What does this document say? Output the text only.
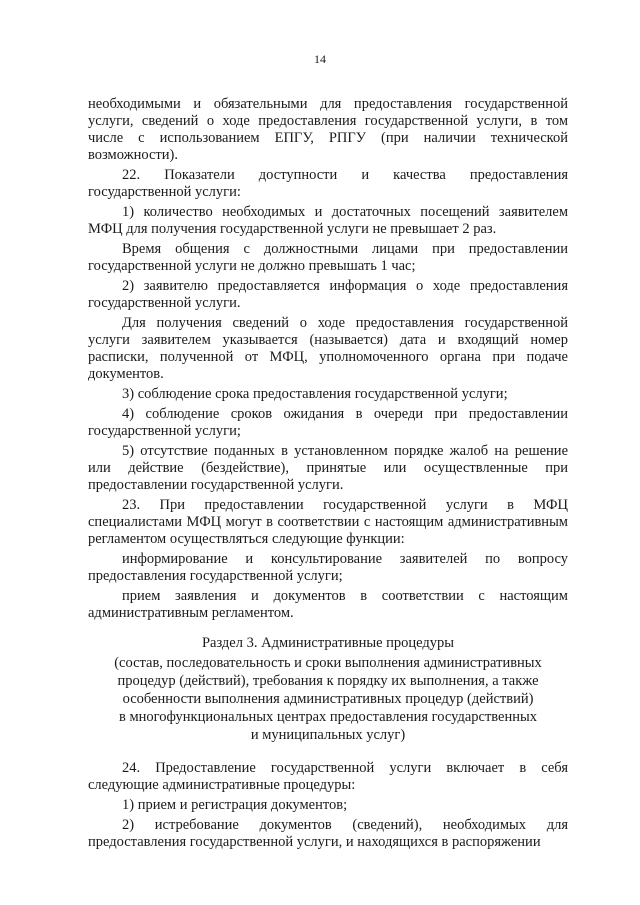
14

необходимыми и обязательными для предоставления государственной услуги, сведений о ходе предоставления государственной услуги, в том числе с использованием ЕПГУ, РПГУ (при наличии технической возможности).

22. Показатели доступности и качества предоставления государственной услуги:

1) количество необходимых и достаточных посещений заявителем МФЦ для получения государственной услуги не превышает 2 раз.

Время общения с должностными лицами при предоставлении государственной услуги не должно превышать 1 час;

2) заявителю предоставляется информация о ходе предоставления государственной услуги.

Для получения сведений о ходе предоставления государственной услуги заявителем указывается (называется) дата и входящий номер расписки, полученной от МФЦ, уполномоченного органа при подаче документов.

3) соблюдение срока предоставления государственной услуги;

4) соблюдение сроков ожидания в очереди при предоставлении государственной услуги;

5) отсутствие поданных в установленном порядке жалоб на решение или действие (бездействие), принятые или осуществленные при предоставлении государственной услуги.

23. При предоставлении государственной услуги в МФЦ специалистами МФЦ могут в соответствии с настоящим административным регламентом осуществляться следующие функции:

информирование и консультирование заявителей по вопросу предоставления государственной услуги;

прием заявления и документов в соответствии с настоящим административным регламентом.

Раздел 3. Административные процедуры

(состав, последовательность и сроки выполнения административных

процедур (действий), требования к порядку их выполнения, а также

особенности выполнения административных процедур (действий)

в многофункциональных центрах предоставления государственных

и муниципальных услуг)

24. Предоставление государственной услуги включает в себя следующие административные процедуры:

1) прием и регистрация документов;

2) истребование документов (сведений), необходимых для предоставления государственной услуги, и находящихся в распоряжении
